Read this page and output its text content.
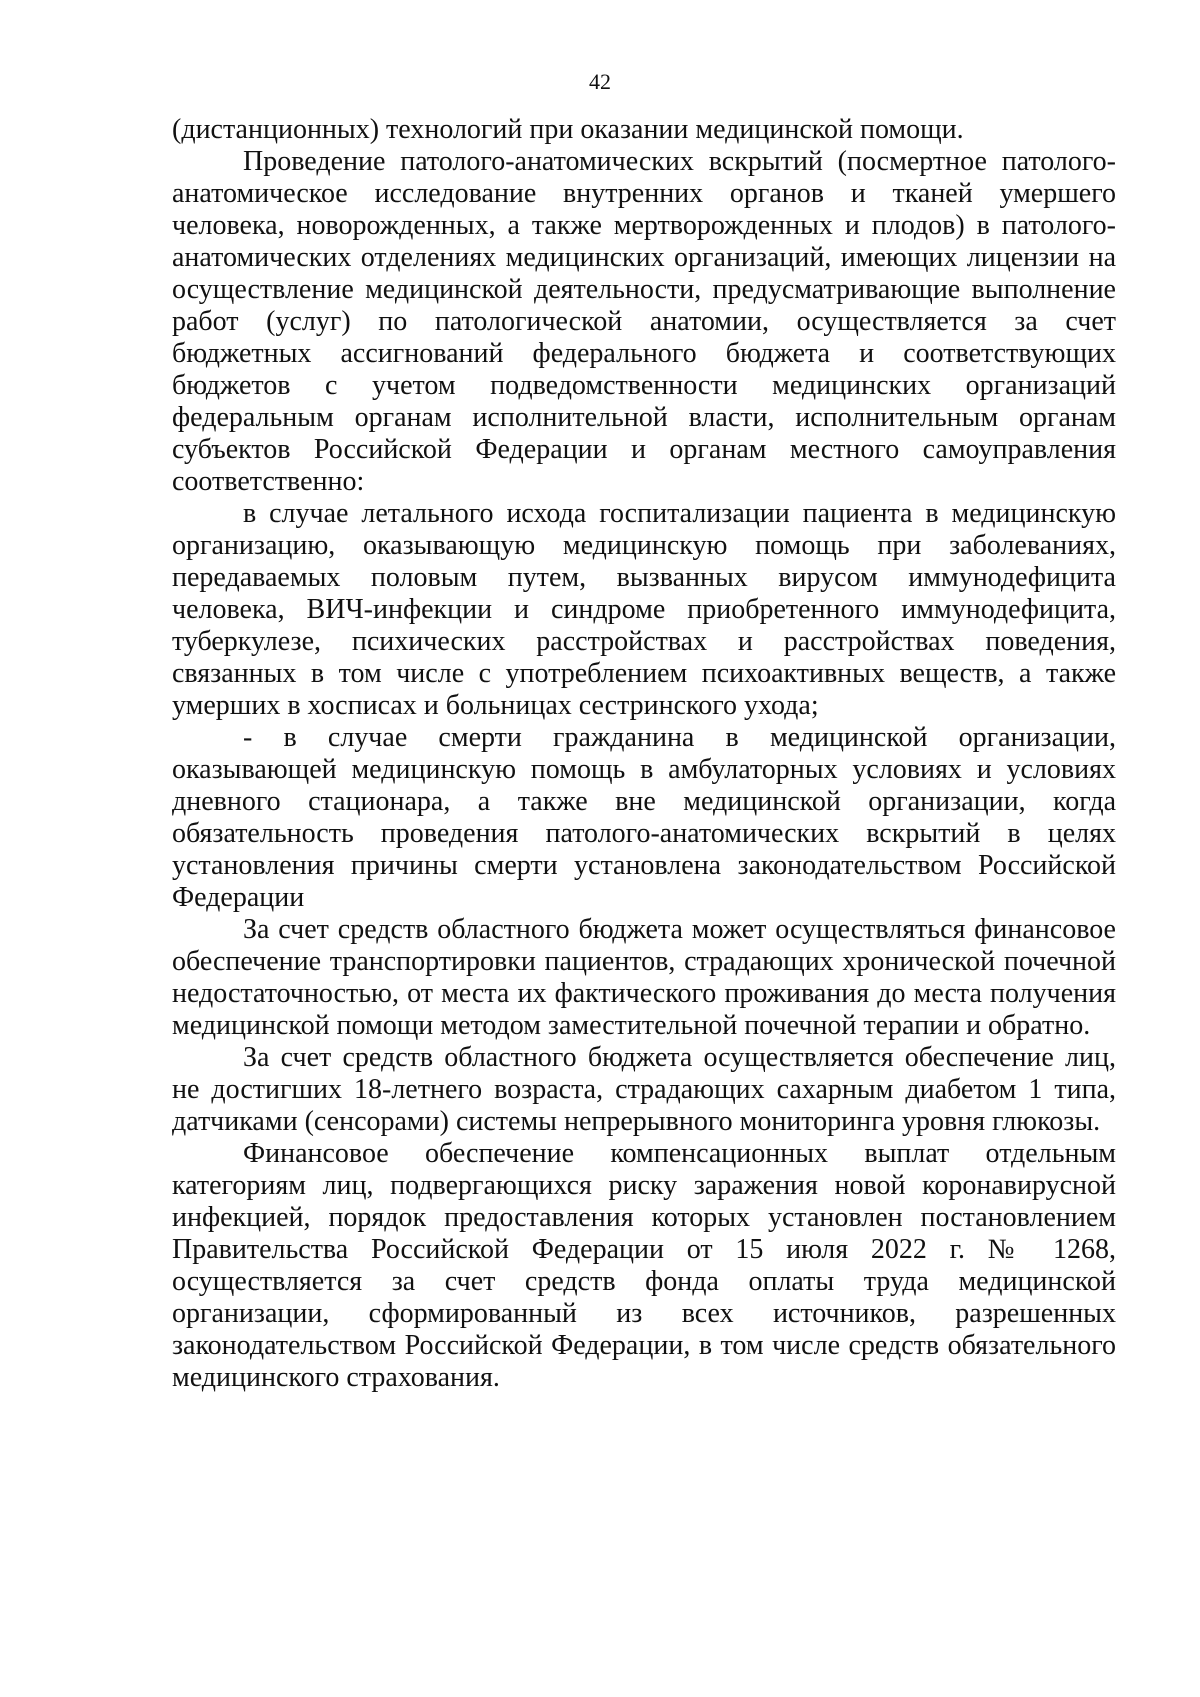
42

(дистанционных) технологий при оказании медицинской помощи.

Проведение патолого-анатомических вскрытий (посмертное патолого-анатомическое исследование внутренних органов и тканей умершего человека, новорожденных, а также мертворожденных и плодов) в патолого-анатомических отделениях медицинских организаций, имеющих лицензии на осуществление медицинской деятельности, предусматривающие выполнение работ (услуг) по патологической анатомии, осуществляется за счет бюджетных ассигнований федерального бюджета и соответствующих бюджетов с учетом подведомственности медицинских организаций федеральным органам исполнительной власти, исполнительным органам субъектов Российской Федерации и органам местного самоуправления соответственно:

в случае летального исхода госпитализации пациента в медицинскую организацию, оказывающую медицинскую помощь при заболеваниях, передаваемых половым путем, вызванных вирусом иммунодефицита человека, ВИЧ-инфекции и синдроме приобретенного иммунодефицита, туберкулезе, психических расстройствах и расстройствах поведения, связанных в том числе с употреблением психоактивных веществ, а также умерших в хосписах и больницах сестринского ухода;

- в случае смерти гражданина в медицинской организации, оказывающей медицинскую помощь в амбулаторных условиях и условиях дневного стационара, а также вне медицинской организации, когда обязательность проведения патолого-анатомических вскрытий в целях установления причины смерти установлена законодательством Российской Федерации

За счет средств областного бюджета может осуществляться финансовое обеспечение транспортировки пациентов, страдающих хронической почечной недостаточностью, от места их фактического проживания до места получения медицинской помощи методом заместительной почечной терапии и обратно.

За счет средств областного бюджета осуществляется обеспечение лиц, не достигших 18-летнего возраста, страдающих сахарным диабетом 1 типа, датчиками (сенсорами) системы непрерывного мониторинга уровня глюкозы.

Финансовое обеспечение компенсационных выплат отдельным категориям лиц, подвергающихся риску заражения новой коронавирусной инфекцией, порядок предоставления которых установлен постановлением Правительства Российской Федерации от 15 июля 2022 г. № 1268, осуществляется за счет средств фонда оплаты труда медицинской организации, сформированный из всех источников, разрешенных законодательством Российской Федерации, в том числе средств обязательного медицинского страхования.
